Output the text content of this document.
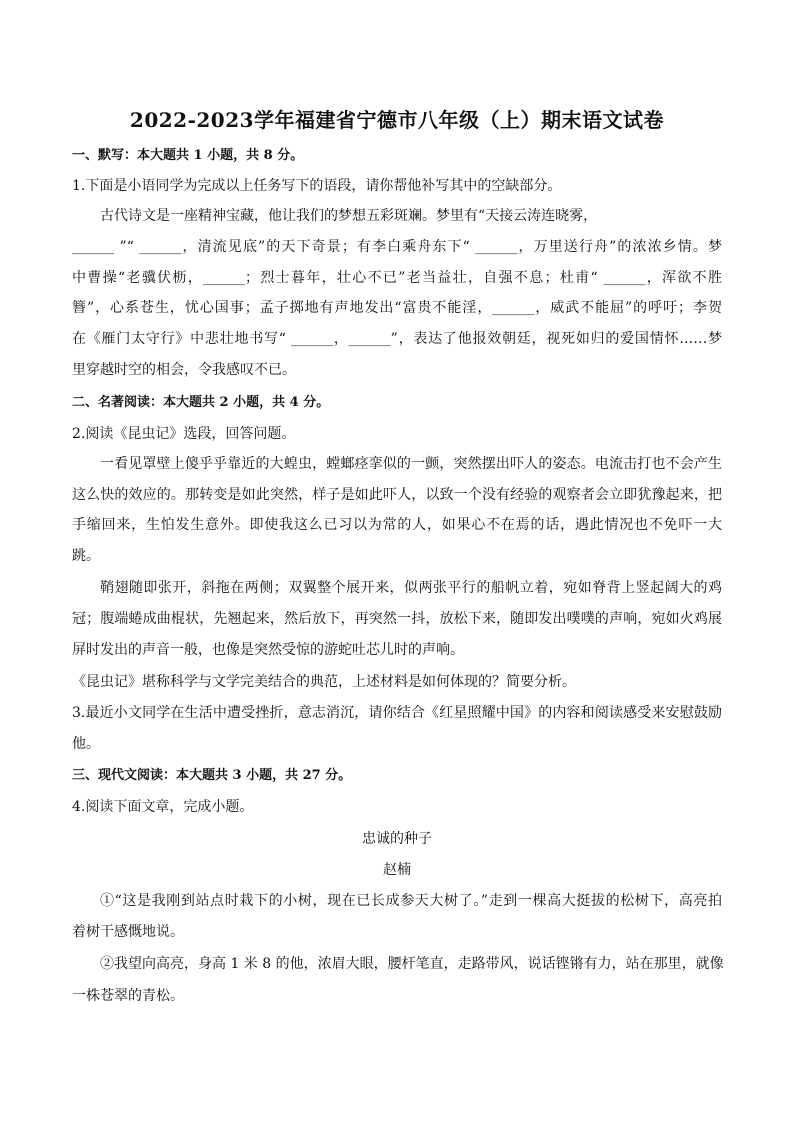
2022-2023学年福建省宁德市八年级（上）期末语文试卷
一、默写：本大题共 1 小题，共 8 分。
1.下面是小语同学为完成以上任务写下的语段，请你帮他补写其中的空缺部分。
古代诗文是一座精神宝藏，他让我们的梦想五彩斑斓。梦里有“天接云涛连晓雾，
______ ”“ ______，清流见底”的天下奇景；有李白乘舟东下“ ______，万里送行舟”的浓浓乡情。梦
中曹操“老骥伏枥，______；烈士暮年，壮心不已”老当益壮，自强不息；杜甫“ ______，浑欲不胜
簪”，心系苍生，忧心国事；孟子掷地有声地发出“富贵不能淫，______，威武不能屈”的呼吁；李贺
在《雁门太守行》中悲壮地书写“ ______，______”，表达了他报效朝廷，视死如归的爱国情怀……梦
里穿越时空的相会，令我感叹不已。
二、名著阅读：本大题共 2 小题，共 4 分。
2.阅读《昆虫记》选段，回答问题。
一看见罩壁上傻乎乎靠近的大蝗虫，螳螂痉挛似的一颤，突然摆出吓人的姿态。电流击打也不会产生
这么快的效应的。那转变是如此突然，样子是如此吓人，以致一个没有经验的观察者会立即犹豫起来，把
手缩回来，生怕发生意外。即使我这么已习以为常的人，如果心不在焉的话，遇此情况也不免吓一大
跳。
鞘翅随即张开，斜拖在两侧；双翼整个展开来，似两张平行的船帆立着，宛如脊背上竖起阔大的鸡
冠；腹端蜷成曲棍状，先翘起来，然后放下，再突然一抖，放松下来，随即发出噗噗的声响，宛如火鸡展
屏时发出的声音一般，也像是突然受惊的游蛇吐芯儿时的声响。
《昆虫记》堪称科学与文学完美结合的典范，上述材料是如何体现的？简要分析。
3.最近小文同学在生活中遭受挫折，意志消沉，请你结合《红星照耀中国》的内容和阅读感受来安慰鼓励
他。
三、现代文阅读：本大题共 3 小题，共 27 分。
4.阅读下面文章，完成小题。
忠诚的种子
赵楠
①“这是我刚到站点时栽下的小树，现在已长成参天大树了。”走到一棵高大挺拔的松树下，高亮拍
着树干感慨地说。
②我望向高亮，身高 1 米 8 的他，浓眉大眼，腰杆笔直，走路带风，说话铿锵有力，站在那里，就像
一株苍翠的青松。
